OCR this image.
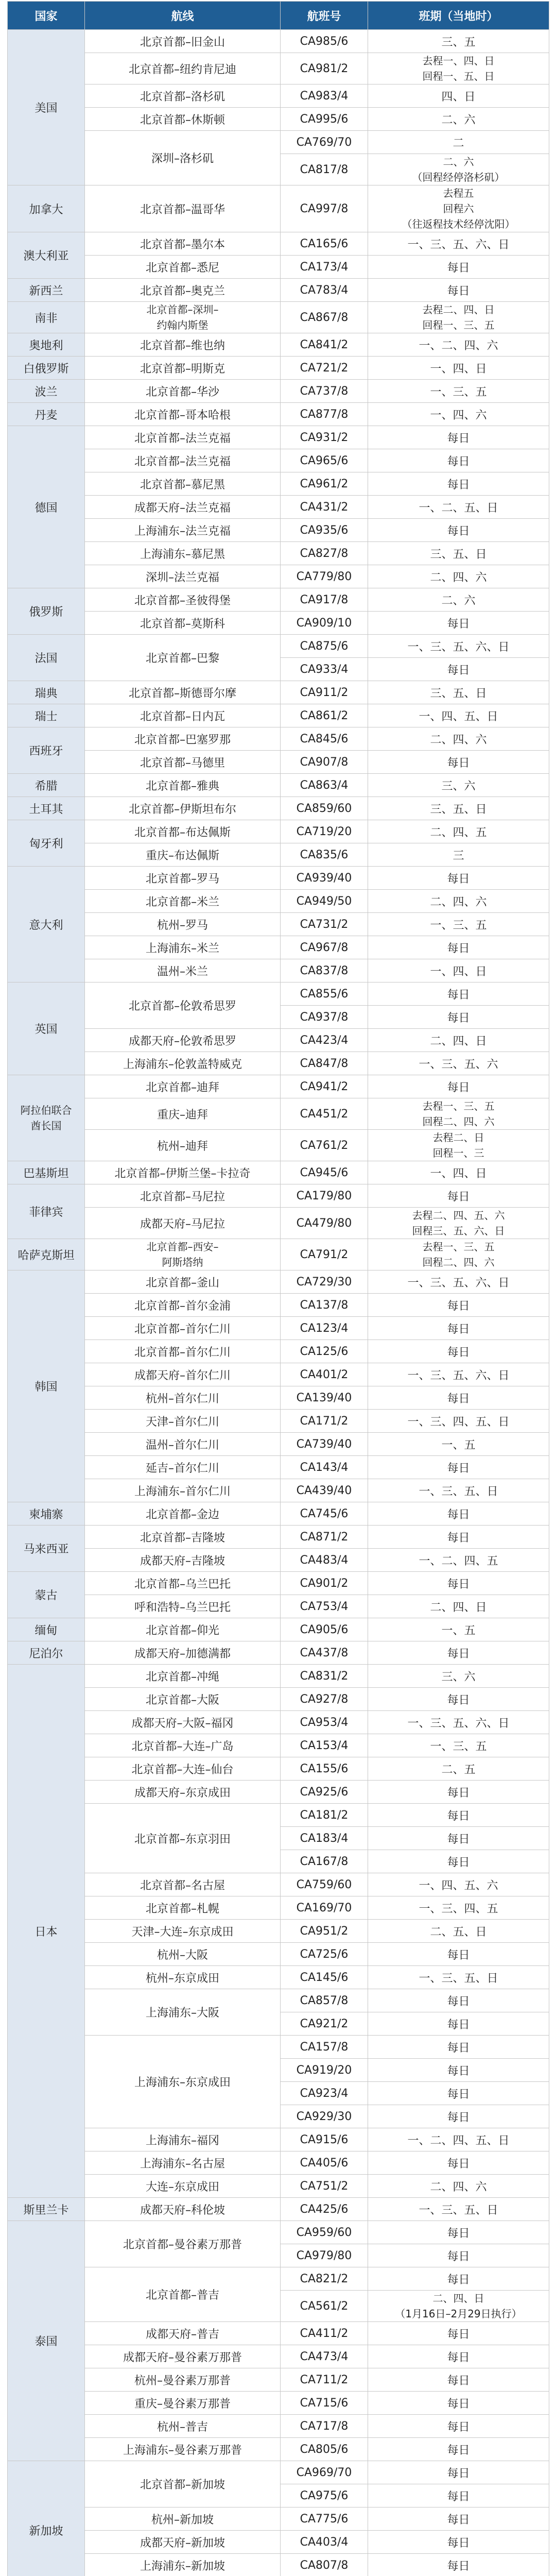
国家	航线	航班号	班期（当地时）
美国	北京首都–旧金山	CA985/6	三、五
	北京首都–纽约肯尼迪	CA981/2	去程一、四、日
回程一、五、日

	北京首都–洛杉矶	CA983/4	四、日
	北京首都–休斯顿	CA995/6	二、六
	深圳–洛杉矶	CA769/70	二
		CA817/8	二、六
（回程经停洛杉矶）

加拿大	北京首都–温哥华	CA997/8	去程五
回程六
（往返程技术经停沈阳）

澳大利亚	北京首都–墨尔本	CA165/6	一、三、五、六、日
	北京首都–悉尼	CA173/4	每日
新西兰	北京首都–奥克兰	CA783/4	每日
南非	北京首都–深圳–
约翰内斯堡	CA867/8	去程二、四、日
回程一、三、五

奥地利	北京首都–维也纳	CA841/2	一、二、四、六
白俄罗斯	北京首都–明斯克	CA721/2	一、四、日
波兰	北京首都–华沙	CA737/8	一、三、五
丹麦	北京首都–哥本哈根	CA877/8	一、四、六
德国	北京首都–法兰克福	CA931/2	每日
	北京首都–法兰克福	CA965/6	每日
	北京首都–慕尼黑	CA961/2	每日
	成都天府–法兰克福	CA431/2	一、二、五、日
	上海浦东–法兰克福	CA935/6	每日
	上海浦东–慕尼黑	CA827/8	三、五、日
	深圳–法兰克福	CA779/80	二、四、六
俄罗斯	北京首都–圣彼得堡	CA917/8	二、六
	北京首都–莫斯科	CA909/10	每日
法国	北京首都–巴黎	CA875/6	一、三、五、六、日
		CA933/4	每日
瑞典	北京首都–斯德哥尔摩	CA911/2	三、五、日
瑞士	北京首都–日内瓦	CA861/2	一、四、五、日
西班牙	北京首都–巴塞罗那	CA845/6	二、四、六
	北京首都–马德里	CA907/8	每日
希腊	北京首都–雅典	CA863/4	三、六
土耳其	北京首都–伊斯坦布尔	CA859/60	三、五、日
匈牙利	北京首都–布达佩斯	CA719/20	二、四、五
	重庆–布达佩斯	CA835/6	三
意大利	北京首都–罗马	CA939/40	每日
	北京首都–米兰	CA949/50	二、四、六
	杭州–罗马	CA731/2	一、三、五
	上海浦东–米兰	CA967/8	每日
	温州–米兰	CA837/8	一、四、日
英国	北京首都–伦敦希思罗	CA855/6	每日
		CA937/8	每日
	成都天府–伦敦希思罗	CA423/4	二、四、日
	上海浦东–伦敦盖特威克	CA847/8	一、三、五、六

阿拉伯联合
酋长国	北京首都–迪拜	CA941/2	每日
	重庆–迪拜	CA451/2	去程一、三、五
回程二、四、六

	杭州–迪拜	CA761/2	去程二、日
回程一、三

巴基斯坦	北京首都–伊斯兰堡–卡拉奇	CA945/6	一、四、日
菲律宾	北京首都–马尼拉	CA179/80	每日
	成都天府–马尼拉	CA479/80	去程二、四、五、六
回程三、五、六、日

哈萨克斯坦	北京首都–西安–
阿斯塔纳	CA791/2	去程一、三、五
回程二、四、六

韩国	北京首都–釜山	CA729/30	一、三、五、六、日
	北京首都–首尔金浦	CA137/8	每日
	北京首都–首尔仁川	CA123/4	每日
	北京首都–首尔仁川	CA125/6	每日
	成都天府–首尔仁川	CA401/2	一、三、五、六、日
	杭州–首尔仁川	CA139/40	每日
	天津–首尔仁川	CA171/2	一、三、四、五、日
	温州–首尔仁川	CA739/40	一、五
	延吉–首尔仁川	CA143/4	每日
	上海浦东–首尔仁川	CA439/40	一、三、五、日
柬埔寨	北京首都–金边	CA745/6	每日
马来西亚	北京首都–吉隆坡	CA871/2	每日
	成都天府–吉隆坡	CA483/4	一、二、四、五
蒙古	北京首都–乌兰巴托	CA901/2	每日
	呼和浩特–乌兰巴托	CA753/4	二、四、日
缅甸	北京首都–仰光	CA905/6	一、五
尼泊尔	成都天府–加德满都	CA437/8	每日
日本	北京首都–冲绳	CA831/2	三、六
	北京首都–大阪	CA927/8	每日
	成都天府–大阪–福冈	CA953/4	一、三、五、六、日
	北京首都–大连–广岛	CA153/4	一、三、五
	北京首都–大连–仙台	CA155/6	二、五
	成都天府–东京成田	CA925/6	每日
	北京首都–东京羽田	CA181/2	每日
		CA183/4	每日
		CA167/8	每日
	北京首都–名古屋	CA759/60	一、四、五、六
	北京首都–札幌	CA169/70	一、三、四、五
	天津–大连–东京成田	CA951/2	二、五、日
	杭州–大阪	CA725/6	每日
	杭州–东京成田	CA145/6	一、三、五、日
	上海浦东–大阪	CA857/8	每日
		CA921/2	每日
	上海浦东–东京成田	CA157/8	每日
		CA919/20	每日
		CA923/4	每日
		CA929/30	每日
	上海浦东–福冈	CA915/6	一、二、四、五、日
	上海浦东–名古屋	CA405/6	每日
	大连–东京成田	CA751/2	二、四、六
斯里兰卡	成都天府–科伦坡	CA425/6	一、三、五、日
泰国	北京首都–曼谷素万那普	CA959/60	每日
		CA979/80	每日
	北京首都–普吉	CA821/2	每日
		CA561/2	二、四、日
（1月16日–2月29日执行）

	成都天府–普吉	CA411/2	每日
	成都天府–曼谷素万那普	CA473/4	每日
	杭州–曼谷素万那普	CA711/2	每日
	重庆–曼谷素万那普	CA715/6	每日
	杭州–普吉	CA717/8	每日
	上海浦东–曼谷素万那普	CA805/6	每日
新加坡	北京首都–新加坡	CA969/70	每日
		CA975/6	每日
	杭州–新加坡	CA775/6	每日
	成都天府–新加坡	CA403/4	每日
	上海浦东–新加坡	CA807/8	每日
